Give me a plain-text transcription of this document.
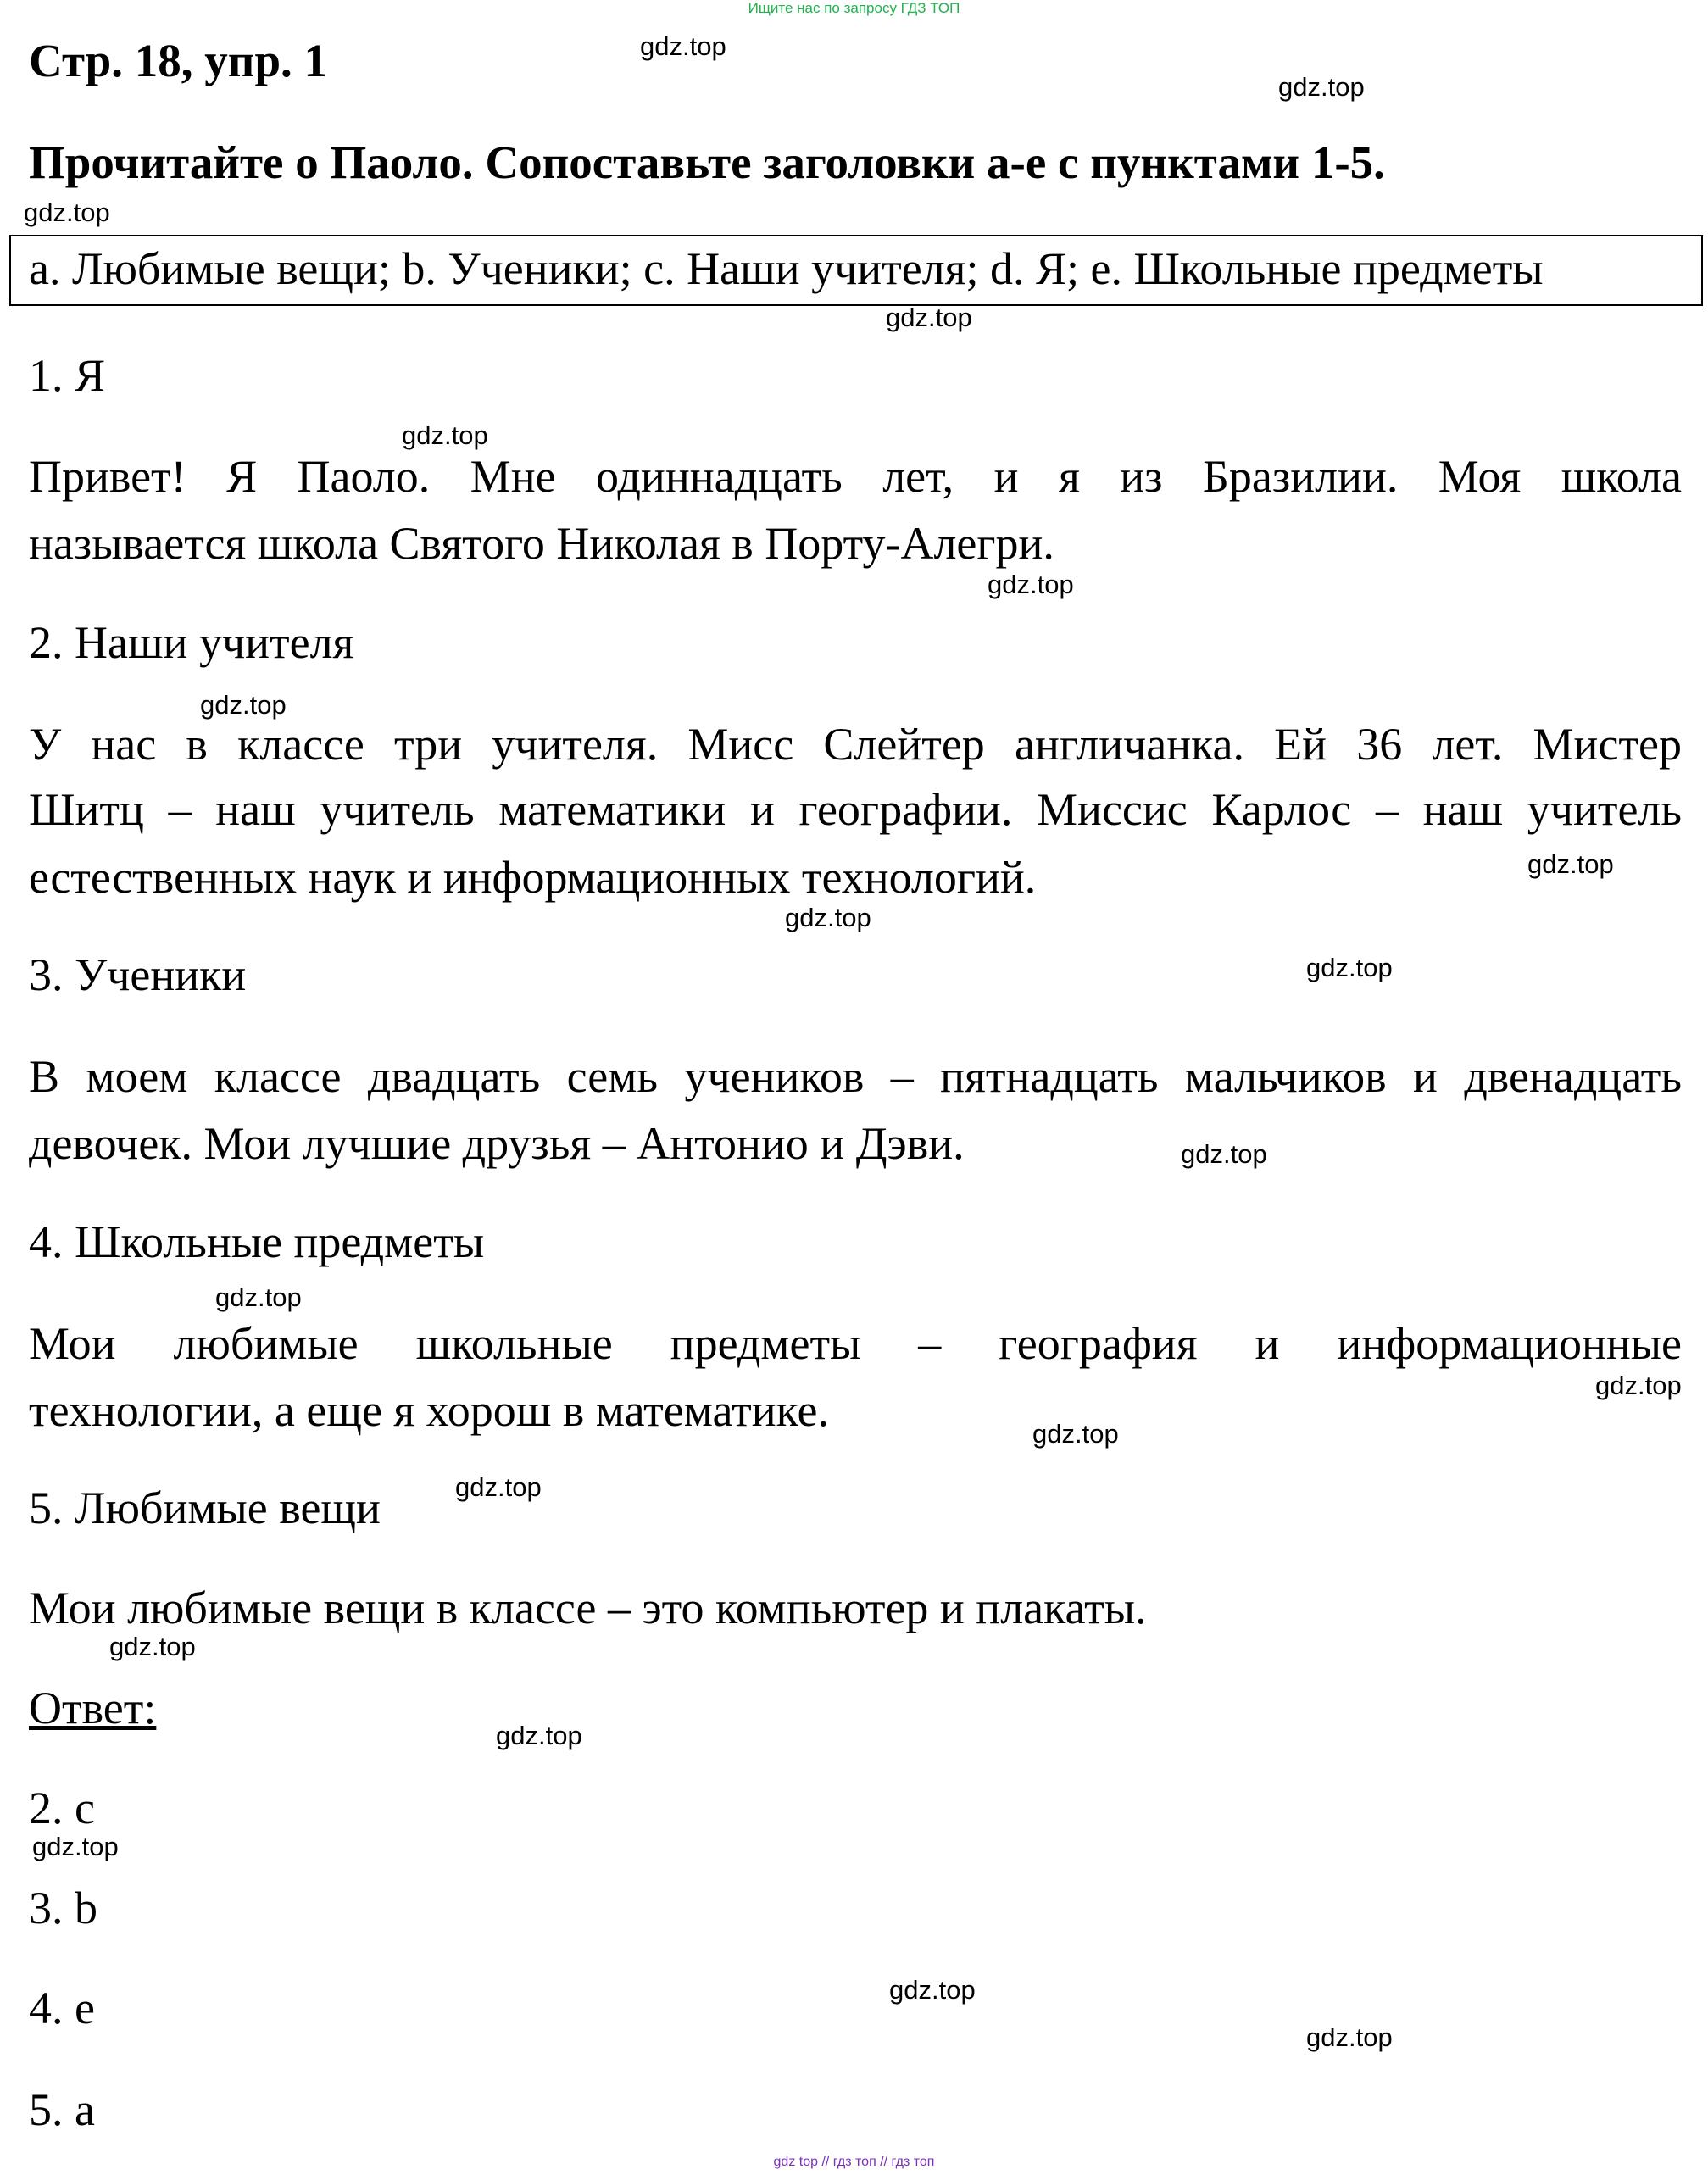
Ищите нас по запросу ГДЗ ТОП
Стр. 18, упр. 1
Прочитайте о Паоло. Сопоставьте заголовки a-e с пунктами 1-5.
a. Любимые вещи; b. Ученики; c. Наши учителя; d. Я; e. Школьные предметы
1. Я
Привет! Я Паоло. Мне одиннадцать лет, и я из Бразилии. Моя школа
называется школа Святого Николая в Порту-Алегри.
2. Наши учителя
У нас в классе три учителя. Мисс Слейтер англичанка. Ей 36 лет. Мистер
Шитц – наш учитель математики и географии. Миссис Карлос – наш учитель
естественных наук и информационных технологий.
3. Ученики
В моем классе двадцать семь учеников – пятнадцать мальчиков и двенадцать
девочек. Мои лучшие друзья – Антонио и Дэви.
4. Школьные предметы
Мои любимые школьные предметы – география и информационные
технологии, а еще я хорош в математике.
5. Любимые вещи
Мои любимые вещи в классе – это компьютер и плакаты.
Ответ:
2. c
3. b
4. e
5. a
gdz.top
gdz.top
gdz.top
gdz.top
gdz.top
gdz.top
gdz.top
gdz.top
gdz.top
gdz.top
gdz.top
gdz.top
gdz.top
gdz.top
gdz.top
gdz.top
gdz.top
gdz.top
gdz.top
gdz.top
gdz top // гдз топ // гдз топ
